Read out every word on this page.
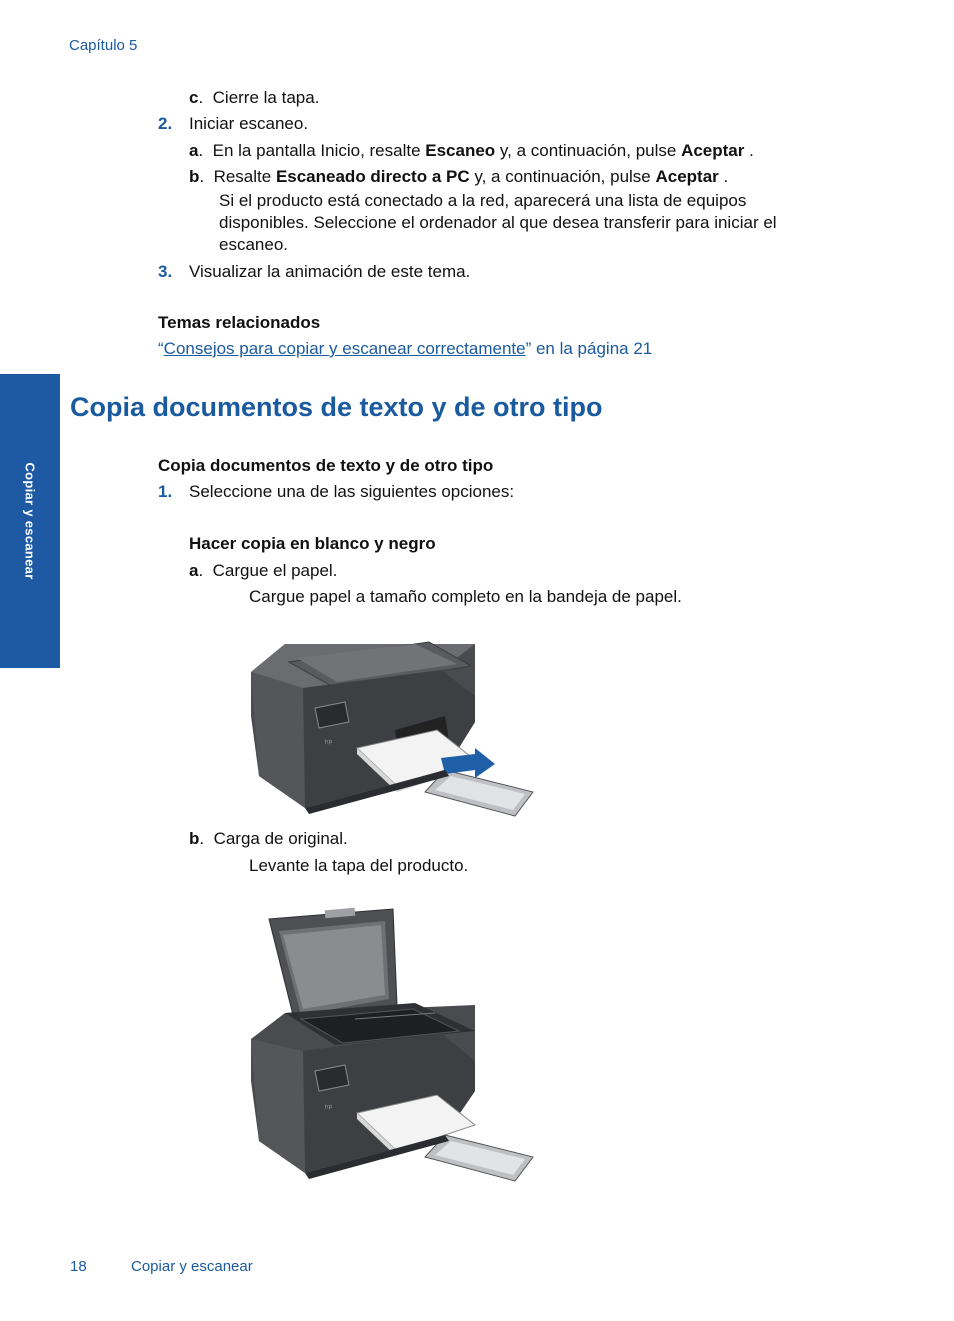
Capítulo 5
Copiar y escanear
c.  Cierre la tapa.
2. Iniciar escaneo.
a.  En la pantalla Inicio, resalte Escaneo y, a continuación, pulse Aceptar .
b.  Resalte Escaneado directo a PC y, a continuación, pulse Aceptar .
Si el producto está conectado a la red, aparecerá una lista de equipos
disponibles. Seleccione el ordenador al que desea transferir para iniciar el
escaneo.
3. Visualizar la animación de este tema.
Temas relacionados
“Consejos para copiar y escanear correctamente” en la página 21
Copia documentos de texto y de otro tipo
Copia documentos de texto y de otro tipo
1. Seleccione una de las siguientes opciones:
Hacer copia en blanco y negro
a.  Cargue el papel.
Cargue papel a tamaño completo en la bandeja de papel.
hp
b.  Carga de original.
Levante la tapa del producto.
hp
18	Copiar y escanear
